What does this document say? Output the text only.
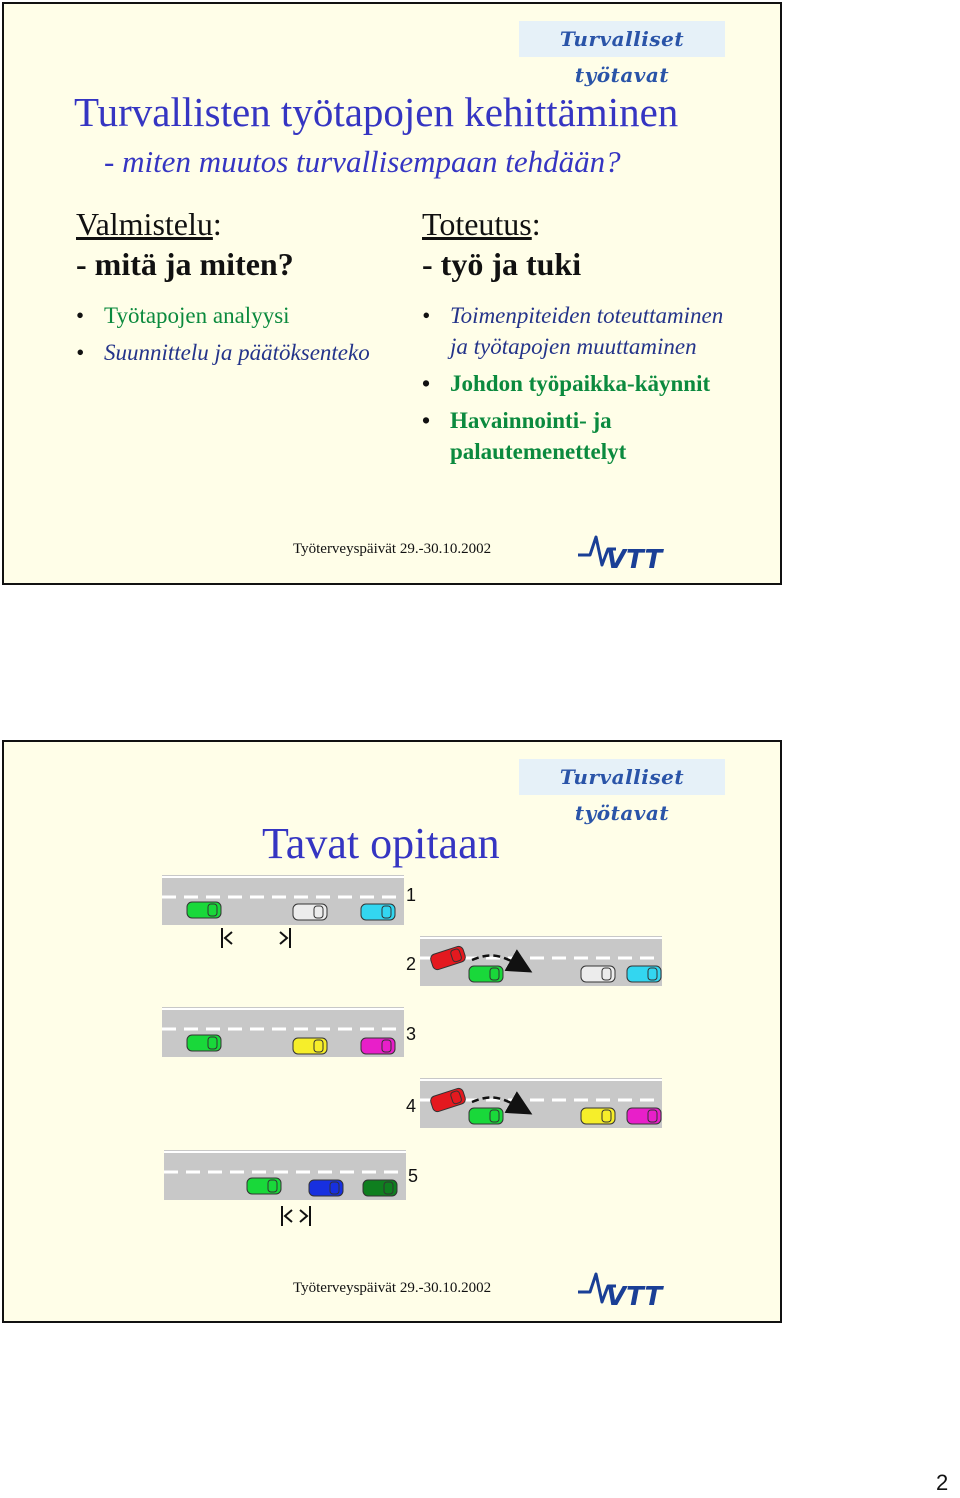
Turvalliset työtavat
Turvallisten työtapojen kehittäminen

- miten muutos turvallisempaan tehdään?

Valmistelu:
- mitä ja miten?
• Työtapojen analyysi
• Suunnittelu ja päätöksenteko
Toteutus:
- työ ja tuki
• Toimenpiteiden toteuttaminen ja työtapojen muuttaminen
• Johdon työpaikka-käynnit
• Havainnointi- ja palautemenettelyt
Työterveyspäivät 29.-30.10.2002	VTT
Turvalliset työtavat
Tavat opitaan
1
2
3
4
5
Työterveyspäivät 29.-30.10.2002	VTT
2
